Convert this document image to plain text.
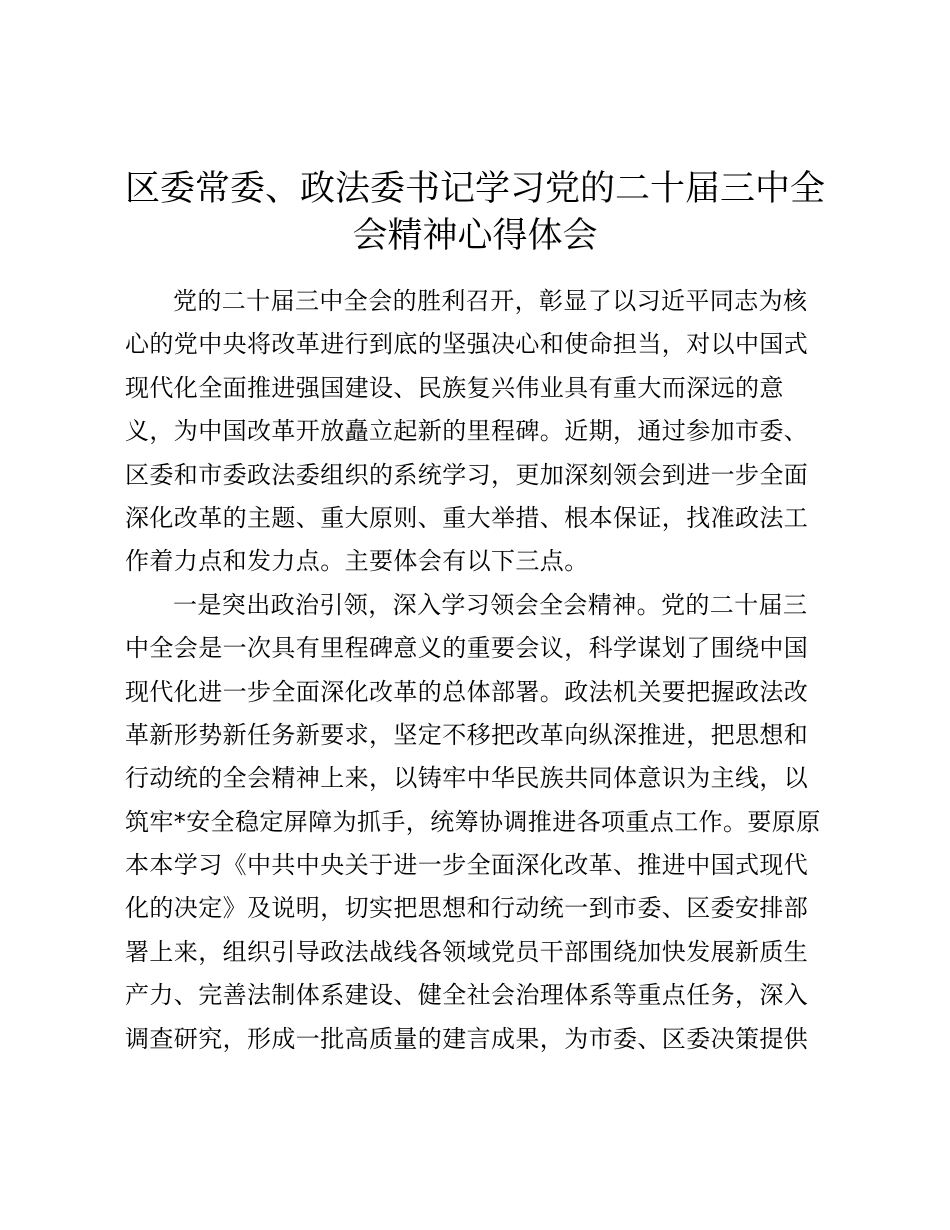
区委常委、政法委书记学习党的二十届三中全
会精神心得体会
党的二十届三中全会的胜利召开，彰显了以习近平同志为核
心的党中央将改革进行到底的坚强决心和使命担当，对以中国式
现代化全面推进强国建设、民族复兴伟业具有重大而深远的意
义，为中国改革开放矗立起新的里程碑。近期，通过参加市委、
区委和市委政法委组织的系统学习，更加深刻领会到进一步全面
深化改革的主题、重大原则、重大举措、根本保证，找准政法工
作着力点和发力点。主要体会有以下三点。
一是突出政治引领，深入学习领会全会精神。党的二十届三
中全会是一次具有里程碑意义的重要会议，科学谋划了围绕中国
现代化进一步全面深化改革的总体部署。政法机关要把握政法改
革新形势新任务新要求，坚定不移把改革向纵深推进，把思想和
行动统的全会精神上来，以铸牢中华民族共同体意识为主线，以
筑牢*安全稳定屏障为抓手，统筹协调推进各项重点工作。要原原
本本学习《中共中央关于进一步全面深化改革、推进中国式现代
化的决定》及说明，切实把思想和行动统一到市委、区委安排部
署上来，组织引导政法战线各领域党员干部围绕加快发展新质生
产力、完善法制体系建设、健全社会治理体系等重点任务，深入
调查研究，形成一批高质量的建言成果，为市委、区委决策提供
